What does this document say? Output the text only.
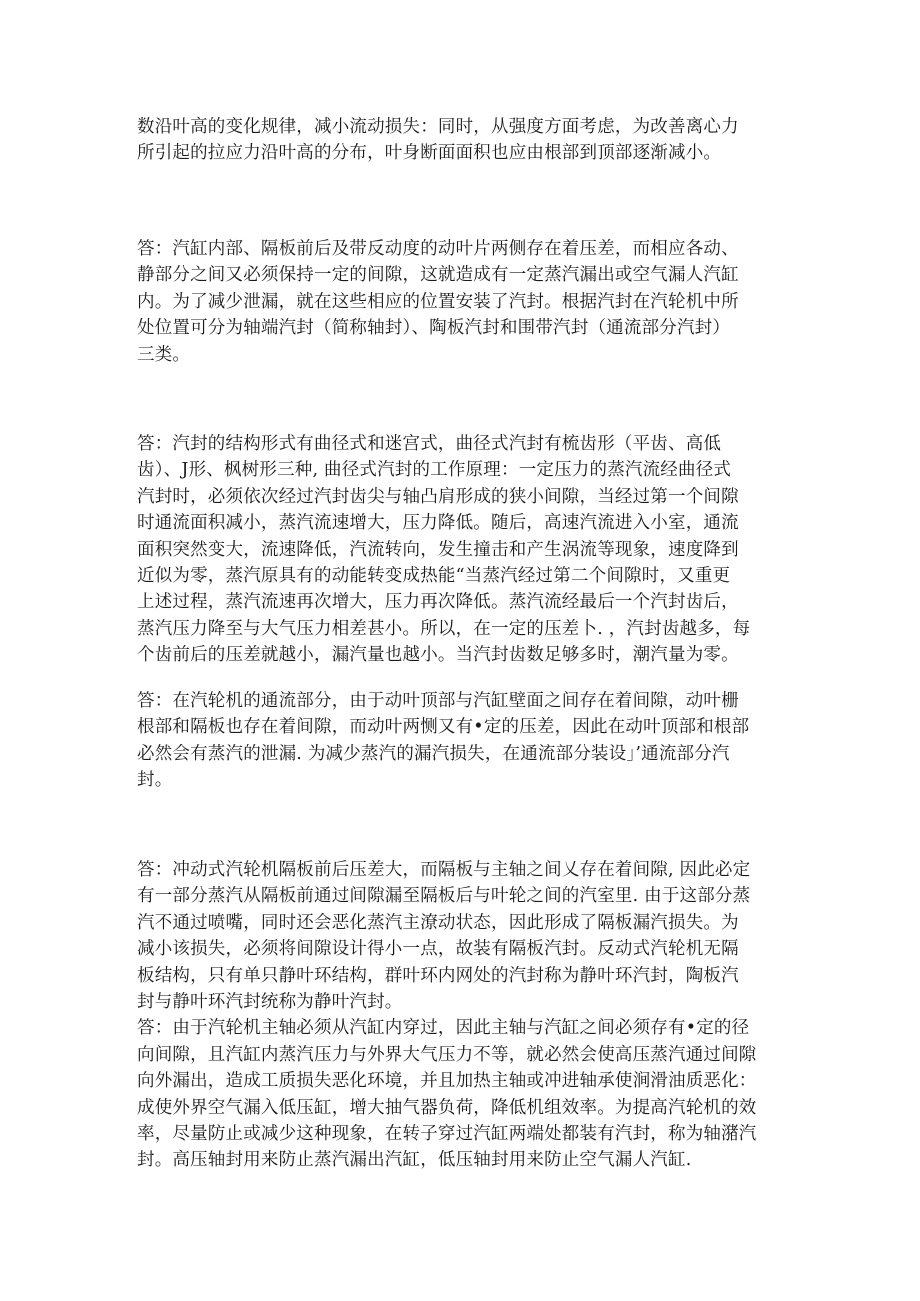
数沿叶高的变化规律，减小流动损失：同时，从强度方面考虑，为改善离心力
所引起的拉应力沿叶高的分布，叶身断面面积也应由根部到顶部逐渐减小。
答：汽缸内部、隔板前后及带反动度的动叶片两侧存在着压差，而相应各动、
静部分之间又必须保持一定的间隙，这就造成有一定蒸汽漏出或空气漏人汽缸
内。为了减少泄漏，就在这些相应的位置安装了汽封。根据汽封在汽轮机中所
处位置可分为轴端汽封（简称轴封）、陶板汽封和围带汽封（通流部分汽封）
三类。
答：汽封的结构形式有曲径式和迷宫式，曲径式汽封有梳齿形（平齿、高低
齿）、J形、枫树形三种, 曲径式汽封的工作原理：一定压力的蒸汽流经曲径式
汽封时，必须依次经过汽封齿尖与轴凸肩形成的狭小间隙，当经过第一个间隙
时通流面积减小，蒸汽流速增大，压力降低。随后，高速汽流进入小室，通流
面积突然变大，流速降低，汽流转向，发生撞击和产生涡流等现象，速度降到
近似为零，蒸汽原具有的动能转变成热能“当蒸汽经过第二个间隙时，又重更
上述过程，蒸汽流速再次增大，压力再次降低。蒸汽流经最后一个汽封齿后，
蒸汽压力降至与大气压力相差甚小。所以，在一定的压差卜. ，汽封齿越多，每
个齿前后的压差就越小，漏汽量也越小。当汽封齿数足够多时，潮汽量为零。
答：在汽轮机的通流部分，由于动叶顶部与汽缸壁面之间存在着间隙，动叶栅
根部和隔板也存在着间隙，而动叶两恻又有•定的压差，因此在动叶顶部和根部
必然会有蒸汽的泄漏. 为减少蒸汽的漏汽损失，在通流部分装设」’通流部分汽
封。
答：冲动式汽轮机隔板前后压差大，而隔板与主轴之间乂存在着间隙, 因此必定
有一部分蒸汽从隔板前通过间隙漏至隔板后与叶轮之间的汽室里. 由于这部分蒸
汽不通过喷嘴，同时还会恶化蒸汽主潦动状态，因此形成了隔板漏汽损失。为
减小该损失，必须将间隙设计得小一点，故装有隔板汽封。反动式汽轮机无隔
板结构，只有单只静叶环结构，群叶环内网处的汽封称为静叶环汽封，陶板汽
封与静叶环汽封统称为静叶汽封。
答：由于汽轮机主轴必须从汽缸内穿过，因此主轴与汽缸之间必须存有•定的径
向间隙，且汽缸内蒸汽压力与外界大气压力不等，就必然会使高压蒸汽通过间隙
向外漏出，造成工质损失恶化环境，并且加热主轴或冲进轴承使涧滑油质恶化：
成使外界空气漏入低压缸，增大抽气器负荷，降低机组效率。为提高汽轮机的效
率，尽量防止或减少这种现象，在转子穿过汽缸两端处都装有汽封，称为轴潴汽
封。高压轴封用来防止蒸汽漏出汽缸，低压轴封用来防止空气漏人汽缸.
